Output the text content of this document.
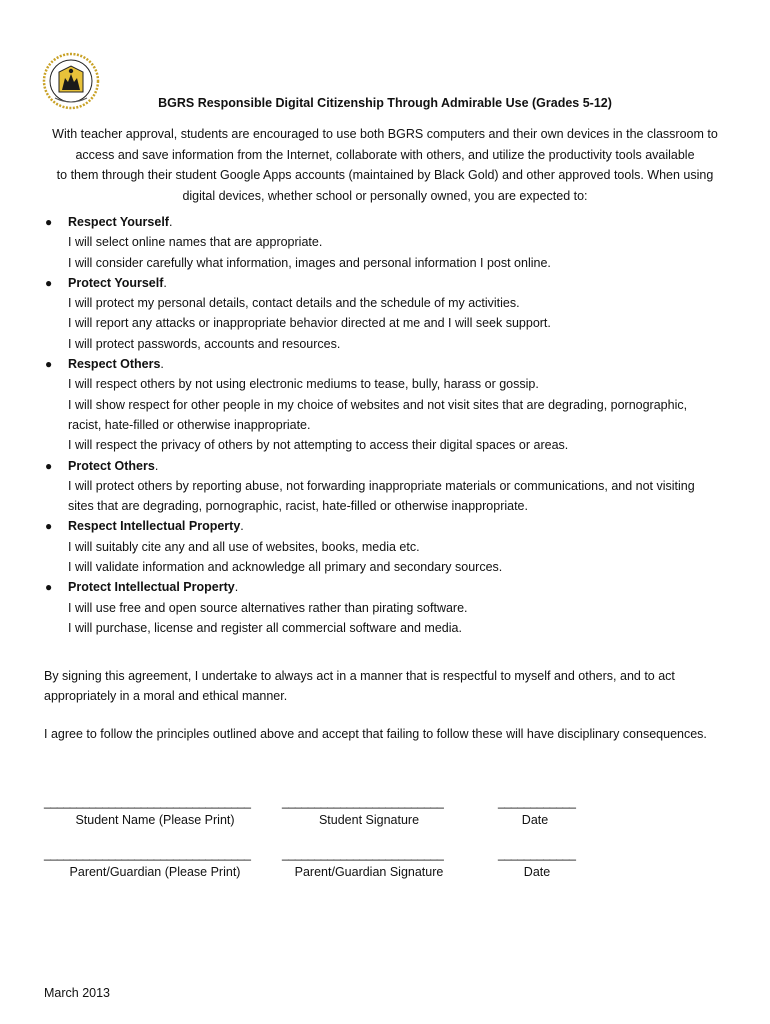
BGRS Responsible Digital Citizenship Through Admirable Use (Grades 5-12)
With teacher approval, students are encouraged to use both BGRS computers and their own devices in the classroom to
access and save information from the Internet, collaborate with others, and utilize the productivity tools available
to them through their student Google Apps accounts (maintained by Black Gold) and other approved tools. When using
digital devices, whether school or personally owned, you are expected to:
● Respect Yourself.
I will select online names that are appropriate.
I will consider carefully what information, images and personal information I post online.
● Protect Yourself.
I will protect my personal details, contact details and the schedule of my activities.
I will report any attacks or inappropriate behavior directed at me and I will seek support.
I will protect passwords, accounts and resources.
● Respect Others.
I will respect others by not using electronic mediums to tease, bully, harass or gossip.
I will show respect for other people in my choice of websites and not visit sites that are degrading, pornographic,
racist, hate-filled or otherwise inappropriate.
I will respect the privacy of others by not attempting to access their digital spaces or areas.
● Protect Others.
I will protect others by reporting abuse, not forwarding inappropriate materials or communications, and not visiting
sites that are degrading, pornographic, racist, hate-filled or otherwise inappropriate.
● Respect Intellectual Property.
I will suitably cite any and all use of websites, books, media etc.
I will validate information and acknowledge all primary and secondary sources.
● Protect Intellectual Property.
I will use free and open source alternatives rather than pirating software.
I will purchase, license and register all commercial software and media.
By signing this agreement, I undertake to always act in a manner that is respectful to myself and others, and to act
appropriately in a moral and ethical manner.
I agree to follow the principles outlined above and accept that failing to follow these will have disciplinary consequences.
________________________________	_________________________	____________
Student Name (Please Print)	Student Signature	Date
________________________________	_________________________	____________
Parent/Guardian (Please Print)	Parent/Guardian Signature	Date
March 2013
